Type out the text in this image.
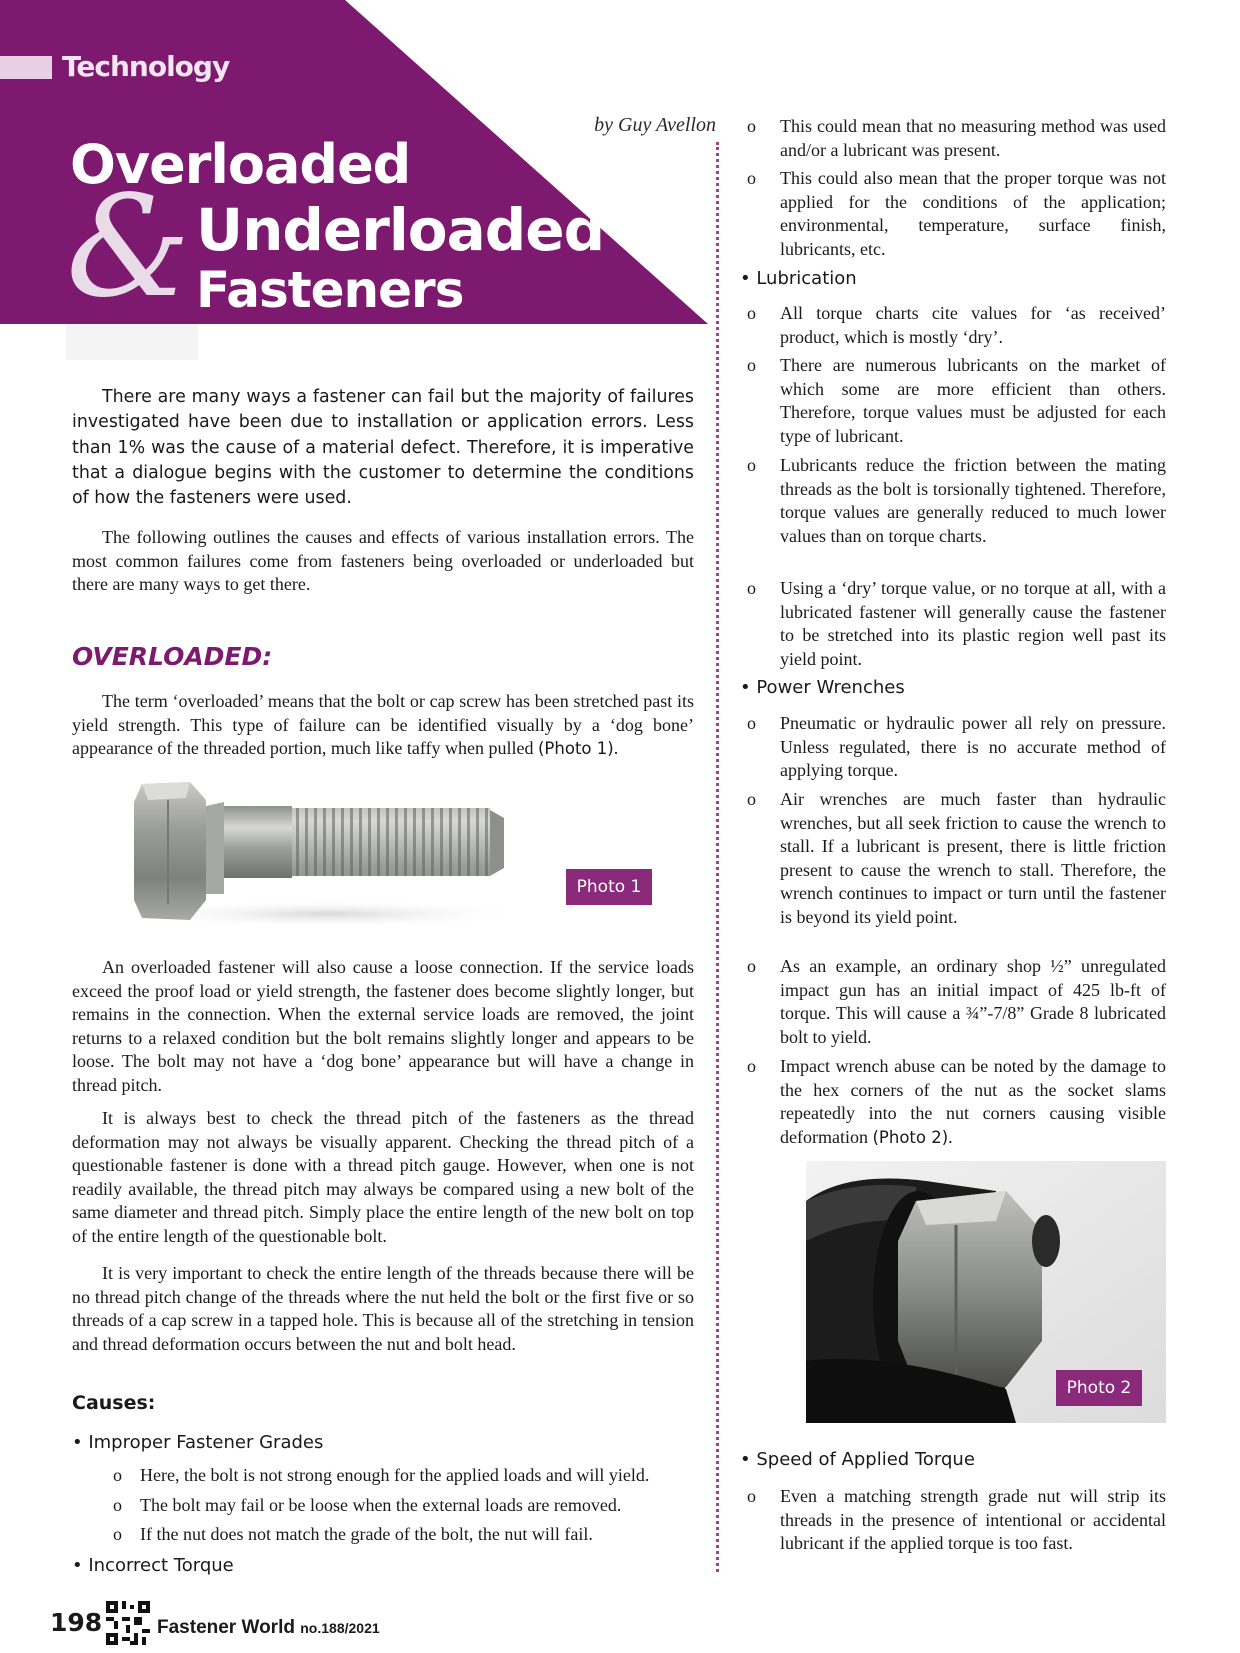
Technology
Overloaded
& Underloaded
Fasteners
by Guy Avellon

There are many ways a fastener can fail but the majority of failures investigated have been due to installation or application errors. Less than 1% was the cause of a material defect. Therefore, it is imperative that a dialogue begins with the customer to determine the conditions of how the fasteners were used.

The following outlines the causes and effects of various installation errors. The most common failures come from fasteners being overloaded or underloaded but there are many ways to get there.

OVERLOADED:

The term ‘overloaded’ means that the bolt or cap screw has been stretched past its yield strength. This type of failure can be identified visually by a ‘dog bone’ appearance of the threaded portion, much like taffy when pulled (Photo 1).

Photo 1

An overloaded fastener will also cause a loose connection. If the service loads exceed the proof load or yield strength, the fastener does become slightly longer, but remains in the connection. When the external service loads are removed, the joint returns to a relaxed condition but the bolt remains slightly longer and appears to be loose. The bolt may not have a ‘dog bone’ appearance but will have a change in thread pitch.

It is always best to check the thread pitch of the fasteners as the thread deformation may not always be visually apparent. Checking the thread pitch of a questionable fastener is done with a thread pitch gauge. However, when one is not readily available, the thread pitch may always be compared using a new bolt of the same diameter and thread pitch. Simply place the entire length of the new bolt on top of the entire length of the questionable bolt.

It is very important to check the entire length of the threads because there will be no thread pitch change of the threads where the nut held the bolt or the first five or so threads of a cap screw in a tapped hole. This is because all of the stretching in tension and thread deformation occurs between the nut and bolt head.

Causes:
• Improper Fastener Grades
o Here, the bolt is not strong enough for the applied loads and will yield.
o The bolt may fail or be loose when the external loads are removed.
o If the nut does not match the grade of the bolt, the nut will fail.
• Incorrect Torque
o This could mean that no measuring method was used and/or a lubricant was present.
o This could also mean that the proper torque was not applied for the conditions of the application; environmental, temperature, surface finish, lubricants, etc.
• Lubrication
o All torque charts cite values for ‘as received’ product, which is mostly ‘dry’.
o There are numerous lubricants on the market of which some are more efficient than others. Therefore, torque values must be adjusted for each type of lubricant.
o Lubricants reduce the friction between the mating threads as the bolt is torsionally tightened. Therefore, torque values are generally reduced to much lower values than on torque charts.
o Using a ‘dry’ torque value, or no torque at all, with a lubricated fastener will generally cause the fastener to be stretched into its plastic region well past its yield point.
• Power Wrenches
o Pneumatic or hydraulic power all rely on pressure. Unless regulated, there is no accurate method of applying torque.
o Air wrenches are much faster than hydraulic wrenches, but all seek friction to cause the wrench to stall. If a lubricant is present, there is little friction present to cause the wrench to stall. Therefore, the wrench continues to impact or turn until the fastener is beyond its yield point.
o As an example, an ordinary shop ½” unregulated impact gun has an initial impact of 425 lb-ft of torque. This will cause a ¾”-7/8” Grade 8 lubricated bolt to yield.
o Impact wrench abuse can be noted by the damage to the hex corners of the nut as the socket slams repeatedly into the nut corners causing visible deformation (Photo 2).
Photo 2
• Speed of Applied Torque
o Even a matching strength grade nut will strip its threads in the presence of intentional or accidental lubricant if the applied torque is too fast.
198	Fastener World no.188/2021
